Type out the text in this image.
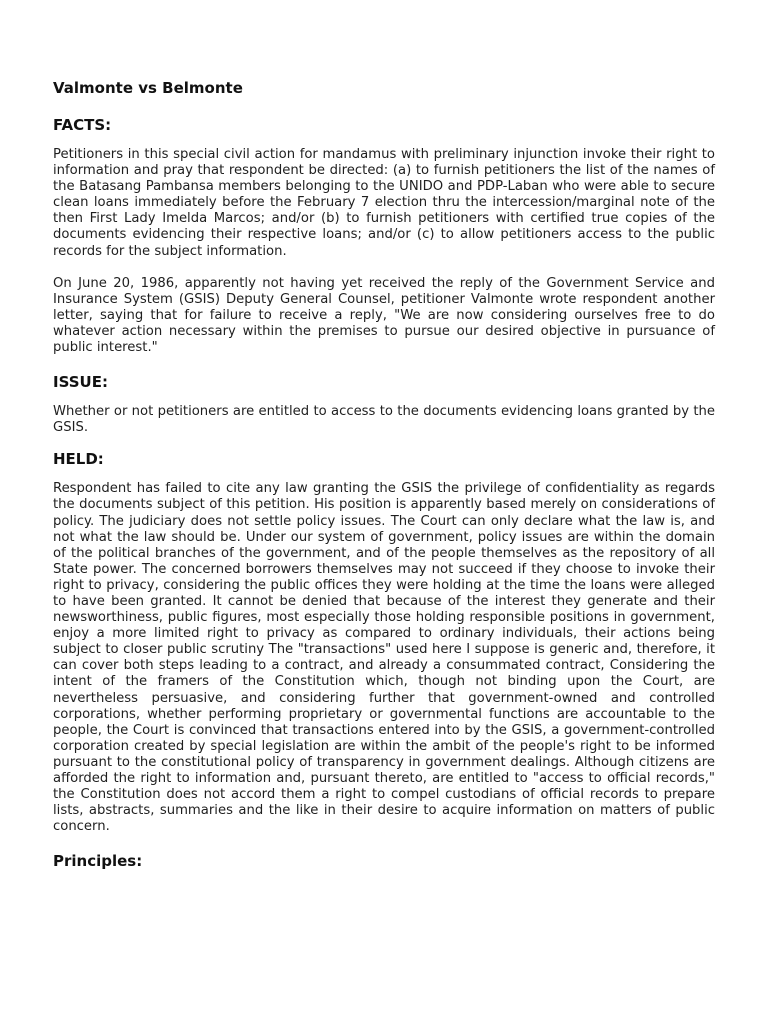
Valmonte vs Belmonte
FACTS:

Petitioners in this special civil action for mandamus with preliminary injunction invoke their right to information and pray that respondent be directed: (a) to furnish petitioners the list of the names of the Batasang Pambansa members belonging to the UNIDO and PDP-Laban who were able to secure clean loans immediately before the February 7 election thru the intercession/marginal note of the then First Lady Imelda Marcos; and/or (b) to furnish petitioners with certified true copies of the documents evidencing their respective loans; and/or (c) to allow petitioners access to the public records for the subject information.

On June 20, 1986, apparently not having yet received the reply of the Government Service and Insurance System (GSIS) Deputy General Counsel, petitioner Valmonte wrote respondent another letter, saying that for failure to receive a reply, "We are now considering ourselves free to do whatever action necessary within the premises to pursue our desired objective in pursuance of public interest."

ISSUE:

Whether or not petitioners are entitled to access to the documents evidencing loans granted by the GSIS.

HELD:

Respondent has failed to cite any law granting the GSIS the privilege of confidentiality as regards the documents subject of this petition. His position is apparently based merely on considerations of policy. The judiciary does not settle policy issues. The Court can only declare what the law is, and not what the law should be. Under our system of government, policy issues are within the domain of the political branches of the government, and of the people themselves as the repository of all State power. The concerned borrowers themselves may not succeed if they choose to invoke their right to privacy, considering the public offices they were holding at the time the loans were alleged to have been granted. It cannot be denied that because of the interest they generate and their newsworthiness, public figures, most especially those holding responsible positions in government, enjoy a more limited right to privacy as compared to ordinary individuals, their actions being subject to closer public scrutiny The "transactions" used here I suppose is generic and, therefore, it can cover both steps leading to a contract, and already a consummated contract, Considering the intent of the framers of the Constitution which, though not binding upon the Court, are nevertheless persuasive, and considering further that government-owned and controlled corporations, whether performing proprietary or governmental functions are accountable to the people, the Court is convinced that transactions entered into by the GSIS, a government-controlled corporation created by special legislation are within the ambit of the people's right to be informed pursuant to the constitutional policy of transparency in government dealings. Although citizens are afforded the right to information and, pursuant thereto, are entitled to "access to official records," the Constitution does not accord them a right to compel custodians of official records to prepare lists, abstracts, summaries and the like in their desire to acquire information on matters of public concern.

Principles:
